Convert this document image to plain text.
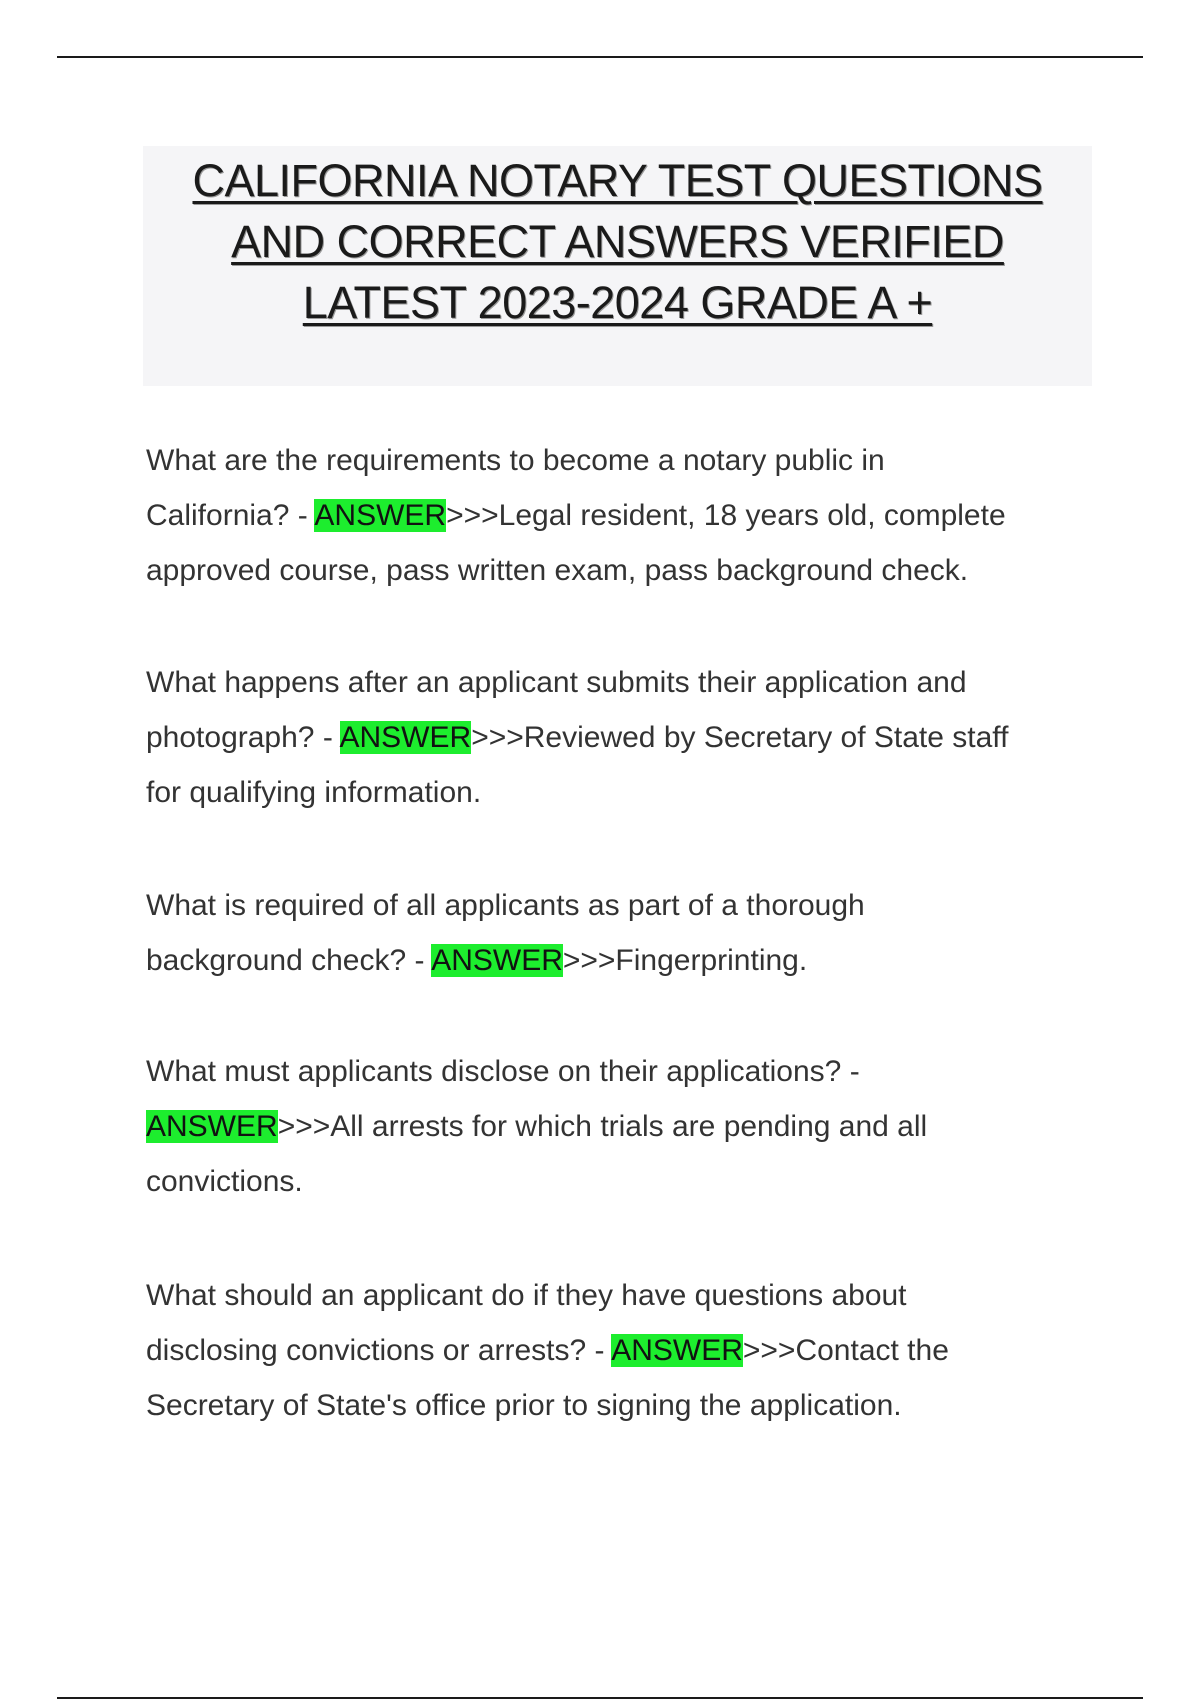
CALIFORNIA NOTARY TEST QUESTIONS
AND CORRECT ANSWERS VERIFIED
LATEST 2023-2024 GRADE A +

What are the requirements to become a notary public in
California? - ANSWER>>>Legal resident, 18 years old, complete
approved course, pass written exam, pass background check.

What happens after an applicant submits their application and
photograph? - ANSWER>>>Reviewed by Secretary of State staff
for qualifying information.

What is required of all applicants as part of a thorough
background check? - ANSWER>>>Fingerprinting.

What must applicants disclose on their applications? -
ANSWER>>>All arrests for which trials are pending and all
convictions.

What should an applicant do if they have questions about
disclosing convictions or arrests? - ANSWER>>>Contact the
Secretary of State's office prior to signing the application.
